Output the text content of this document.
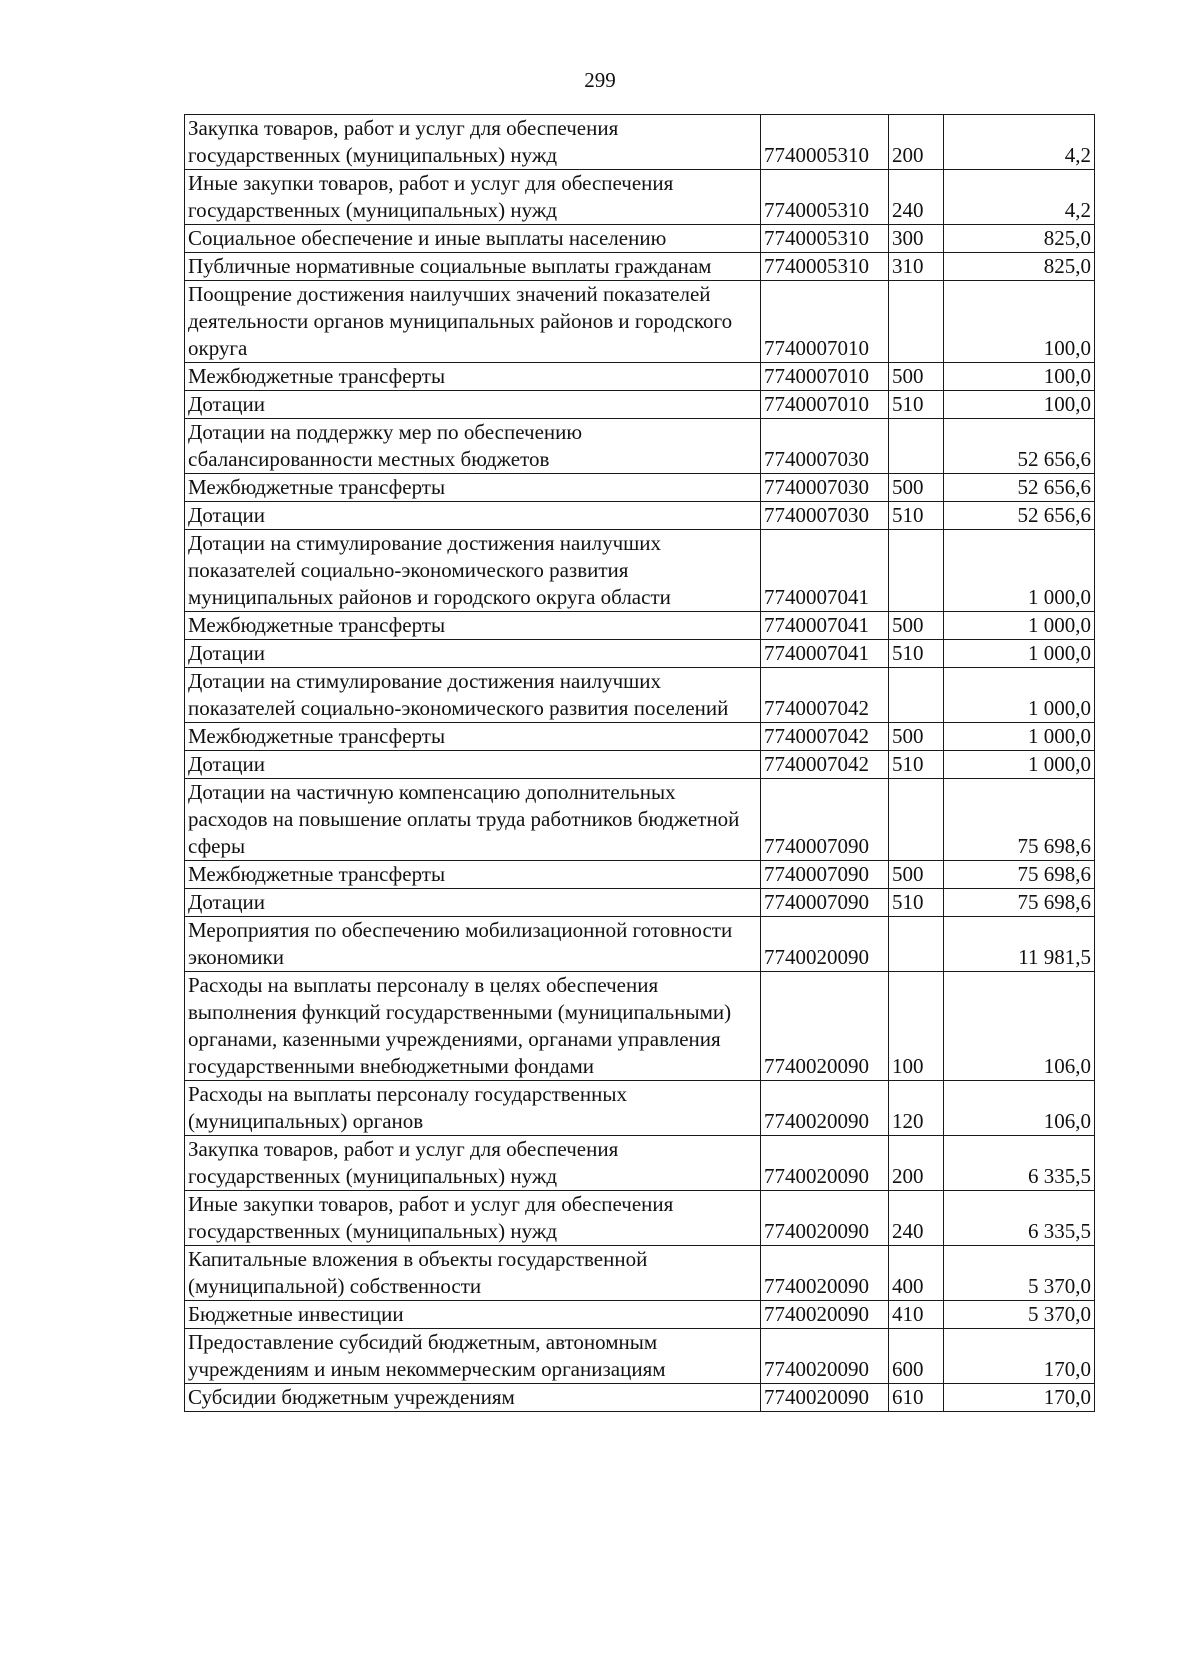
299
Закупка товаров, работ и услуг для обеспечения государственных (муниципальных) нужд	7740005310	200	4,2
Иные закупки товаров, работ и услуг для обеспечения государственных (муниципальных) нужд	7740005310	240	4,2
Социальное обеспечение и иные выплаты населению	7740005310	300	825,0
Публичные нормативные социальные выплаты гражданам	7740005310	310	825,0
Поощрение достижения наилучших значений показателей деятельности органов муниципальных районов и городского округа	7740007010		100,0
Межбюджетные трансферты	7740007010	500	100,0
Дотации	7740007010	510	100,0
Дотации на поддержку мер по обеспечению сбалансированности местных бюджетов	7740007030		52 656,6
Межбюджетные трансферты	7740007030	500	52 656,6
Дотации	7740007030	510	52 656,6
Дотации на стимулирование достижения наилучших показателей социально-экономического развития муниципальных районов и городского округа области	7740007041		1 000,0
Межбюджетные трансферты	7740007041	500	1 000,0
Дотации	7740007041	510	1 000,0
Дотации на стимулирование достижения наилучших показателей социально-экономического развития поселений	7740007042		1 000,0
Межбюджетные трансферты	7740007042	500	1 000,0
Дотации	7740007042	510	1 000,0
Дотации на частичную компенсацию дополнительных расходов на повышение оплаты труда работников бюджетной сферы	7740007090		75 698,6
Межбюджетные трансферты	7740007090	500	75 698,6
Дотации	7740007090	510	75 698,6
Мероприятия по обеспечению мобилизационной готовности экономики	7740020090		11 981,5
Расходы на выплаты персоналу в целях обеспечения выполнения функций государственными (муниципальными) органами, казенными учреждениями, органами управления государственными внебюджетными фондами	7740020090	100	106,0
Расходы на выплаты персоналу государственных (муниципальных) органов	7740020090	120	106,0
Закупка товаров, работ и услуг для обеспечения государственных (муниципальных) нужд	7740020090	200	6 335,5
Иные закупки товаров, работ и услуг для обеспечения государственных (муниципальных) нужд	7740020090	240	6 335,5
Капитальные вложения в объекты государственной (муниципальной) собственности	7740020090	400	5 370,0
Бюджетные инвестиции	7740020090	410	5 370,0
Предоставление субсидий бюджетным, автономным учреждениям и иным некоммерческим организациям	7740020090	600	170,0
Субсидии бюджетным учреждениям	7740020090	610	170,0
